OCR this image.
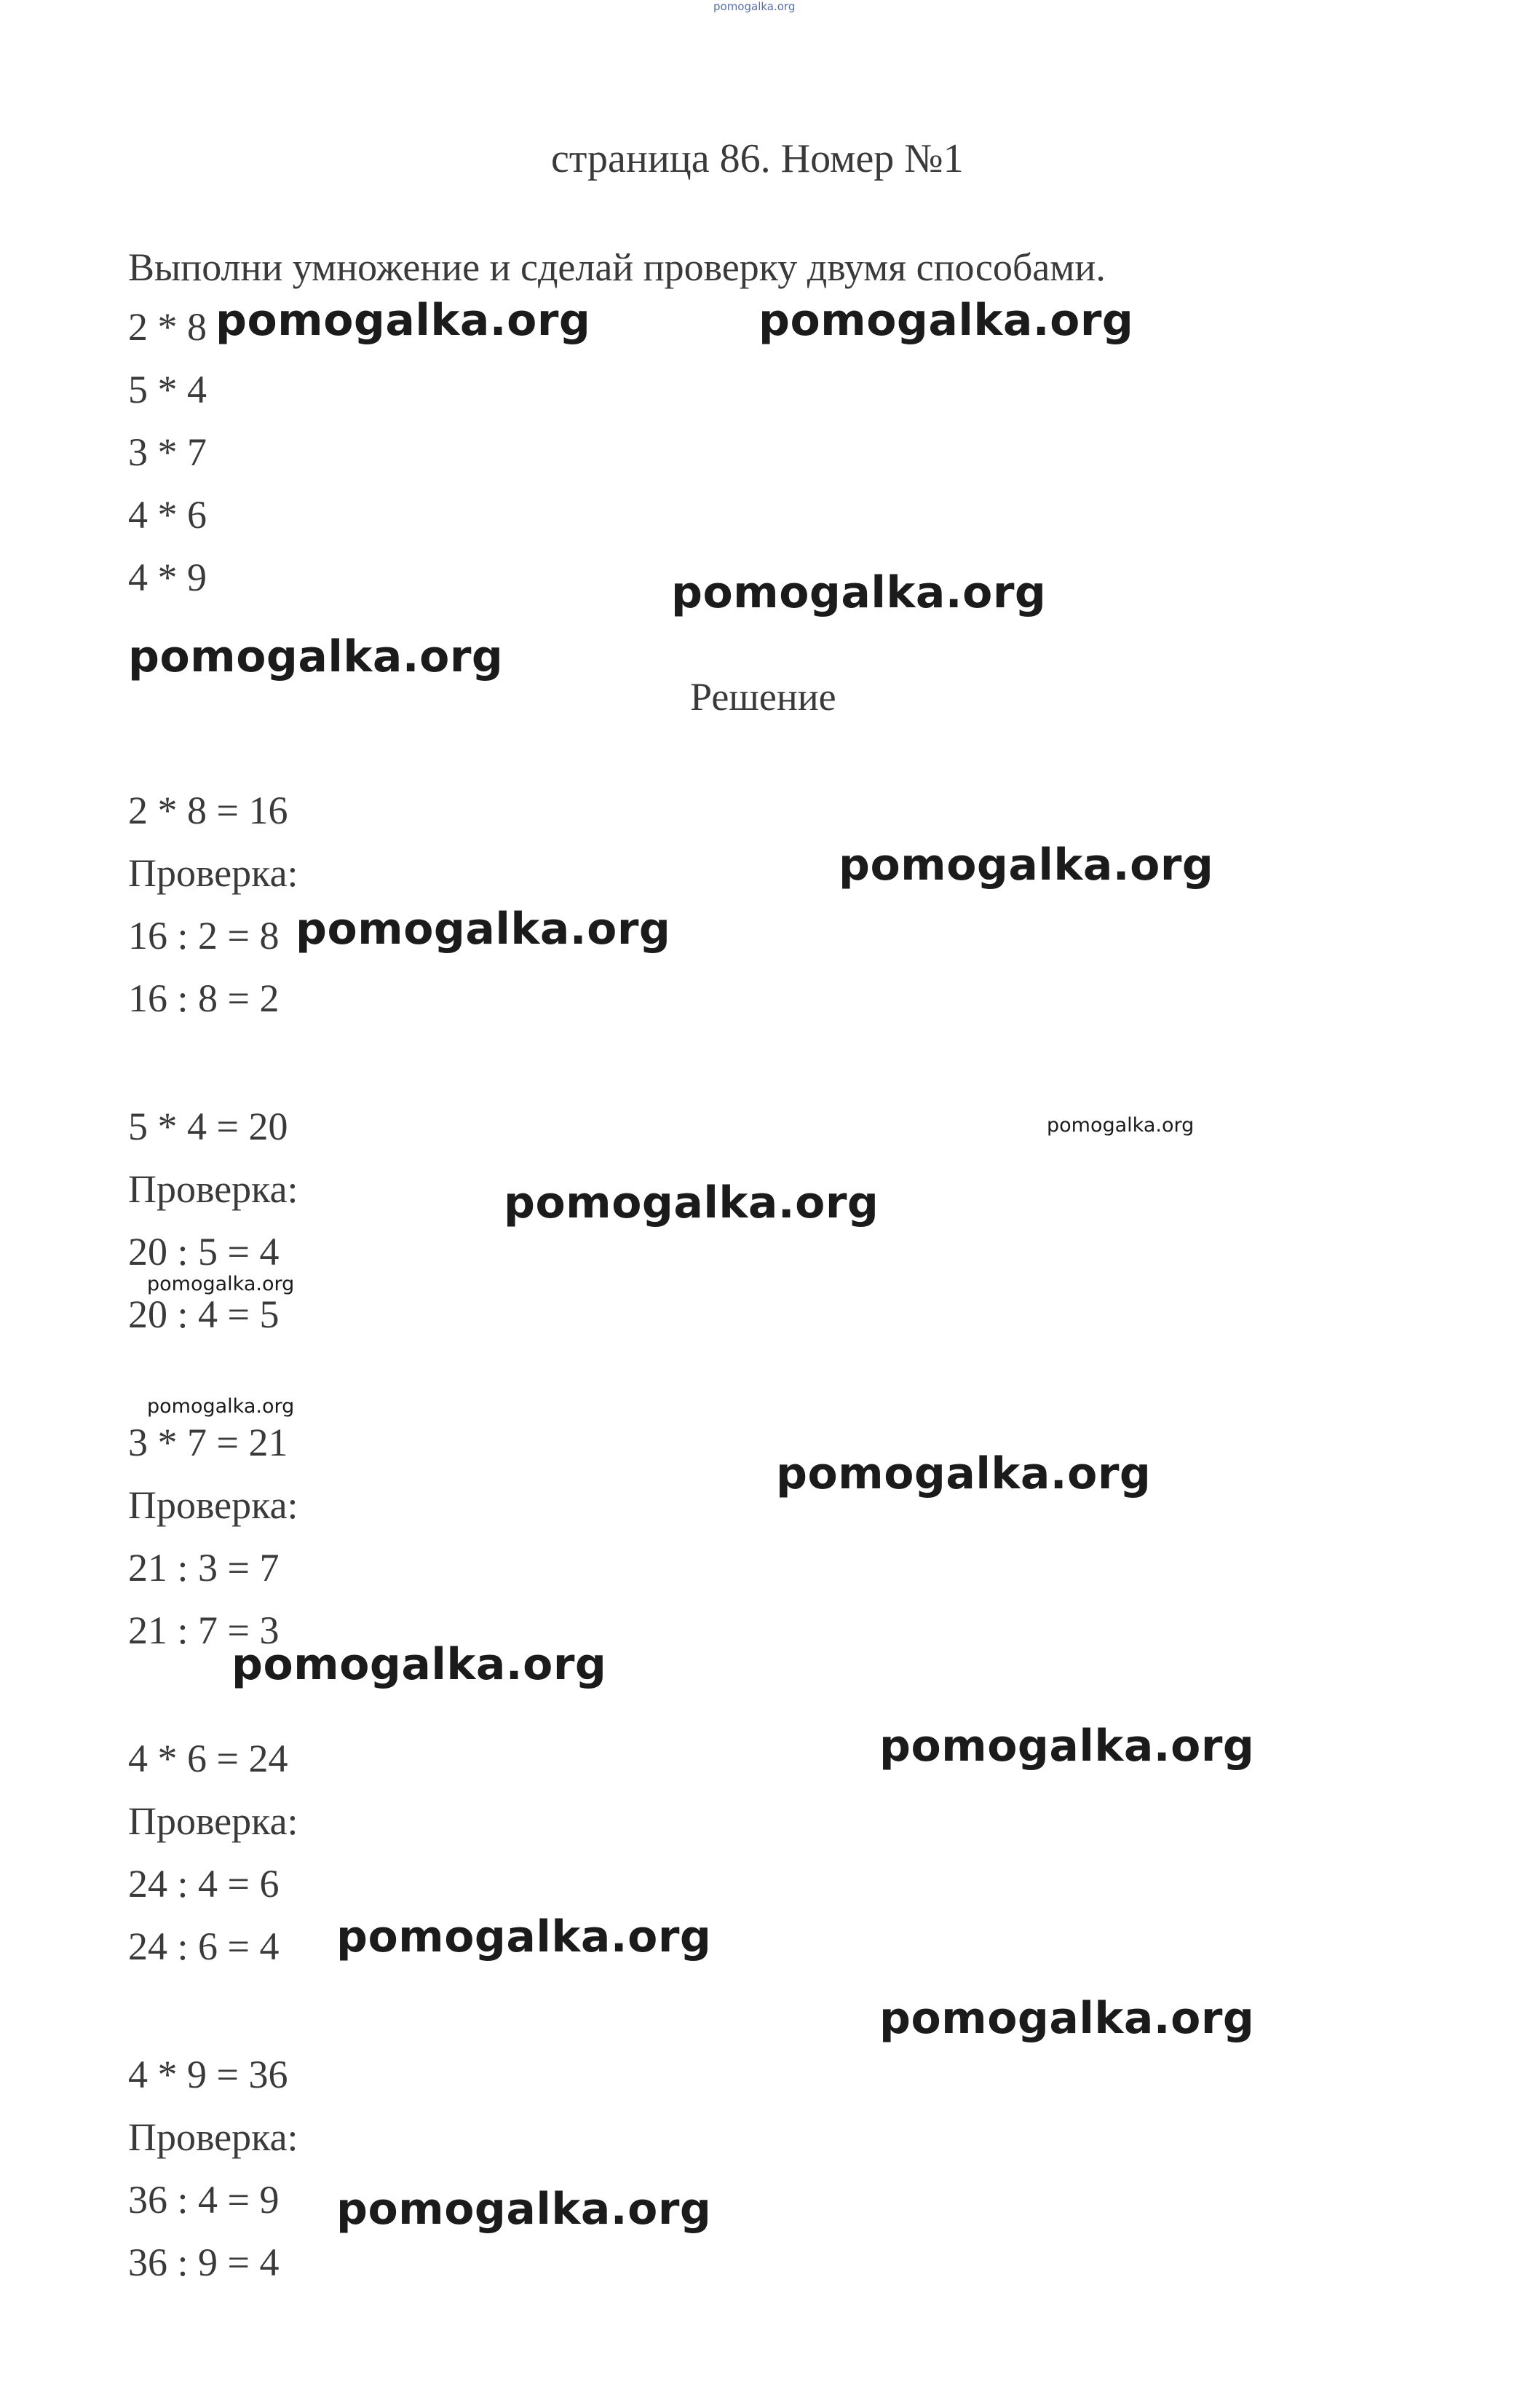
pomogalka.org
страница 86. Номер №1
Выполни умножение и сделай проверку двумя способами.
2 * 8
5 * 4
3 * 7
4 * 6
4 * 9
Решение
2 * 8 = 16
Проверка:
16 : 2 = 8
16 : 8 = 2
5 * 4 = 20
Проверка:
20 : 5 = 4
20 : 4 = 5
3 * 7 = 21
Проверка:
21 : 3 = 7
21 : 7 = 3
4 * 6 = 24
Проверка:
24 : 4 = 6
24 : 6 = 4
4 * 9 = 36
Проверка:
36 : 4 = 9
36 : 9 = 4
pomogalka.org	pomogalka.org
pomogalka.org
pomogalka.org
pomogalka.org
pomogalka.org
pomogalka.org
pomogalka.org
pomogalka.org
pomogalka.org
pomogalka.org
pomogalka.org
pomogalka.org
pomogalka.org
pomogalka.org
pomogalka.org
